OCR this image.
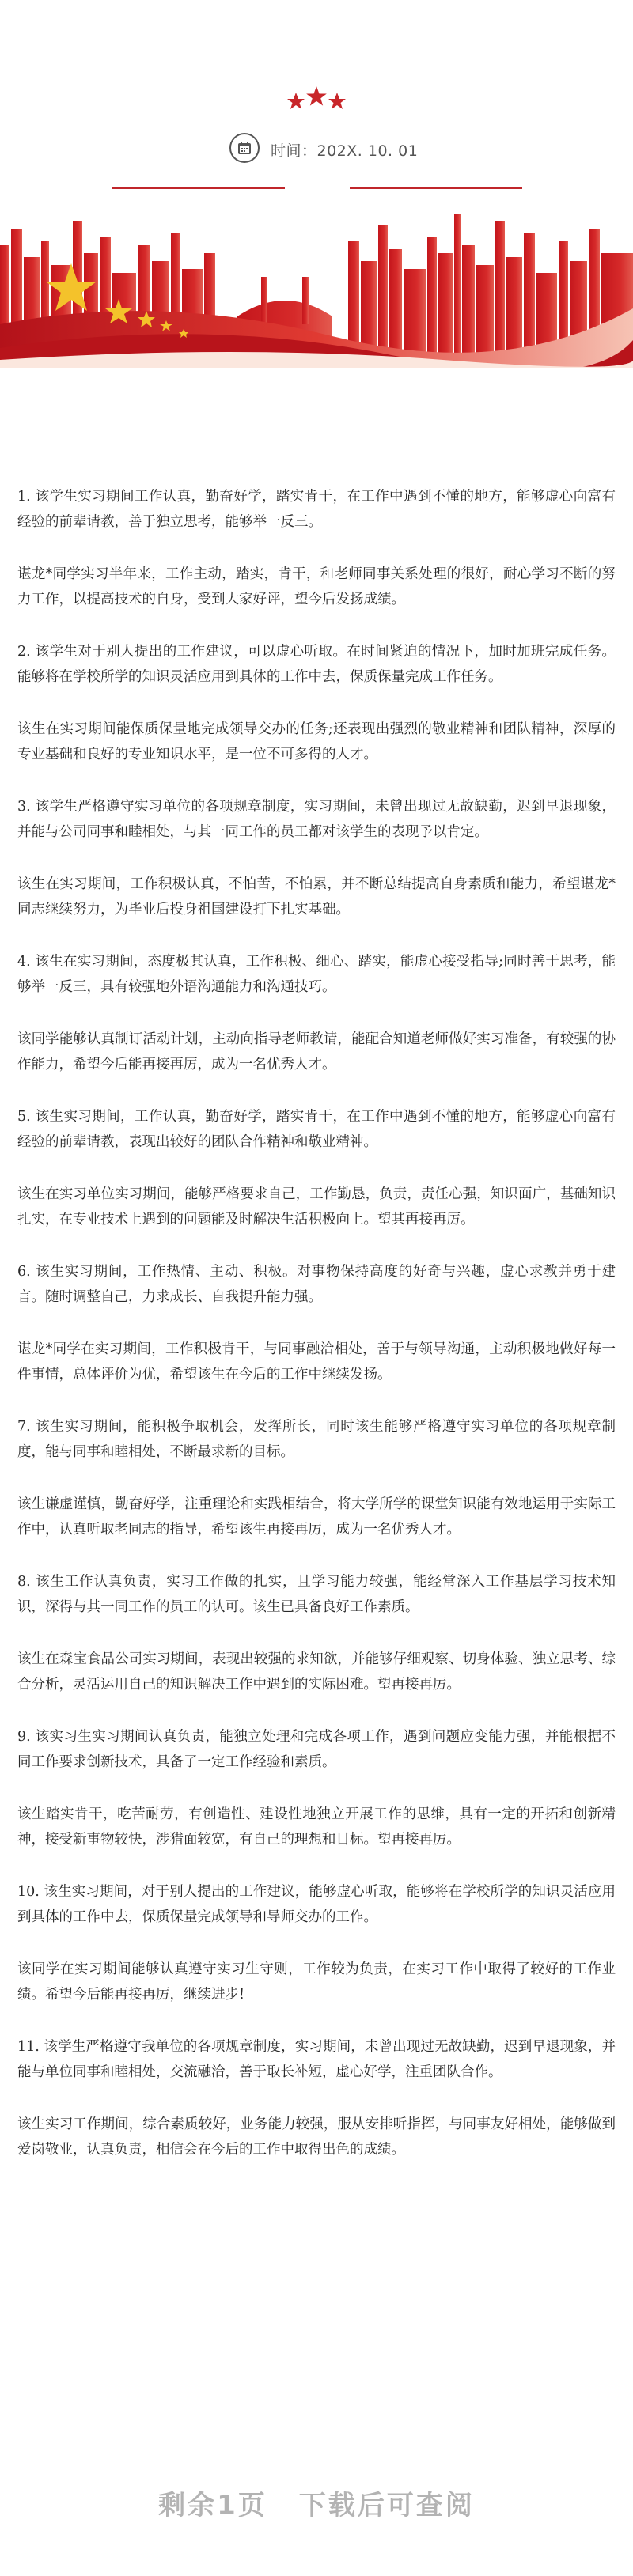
时间：202X. 10. 01

1. 该学生实习期间工作认真，勤奋好学，踏实肯干，在工作中遇到不懂的地方，能够虚心向富有经验的前辈请教，善于独立思考，能够举一反三。

谌龙*同学实习半年来，工作主动，踏实，肯干，和老师同事关系处理的很好，耐心学习不断的努力工作，以提高技术的自身，受到大家好评，望今后发扬成绩。

2. 该学生对于别人提出的工作建议，可以虚心听取。在时间紧迫的情况下，加时加班完成任务。能够将在学校所学的知识灵活应用到具体的工作中去，保质保量完成工作任务。

该生在实习期间能保质保量地完成领导交办的任务;还表现出强烈的敬业精神和团队精神，深厚的专业基础和良好的专业知识水平，是一位不可多得的人才。

3. 该学生严格遵守实习单位的各项规章制度，实习期间，未曾出现过无故缺勤，迟到早退现象，并能与公司同事和睦相处，与其一同工作的员工都对该学生的表现予以肯定。

该生在实习期间，工作积极认真，不怕苦，不怕累，并不断总结提高自身素质和能力，希望谌龙*同志继续努力，为毕业后投身祖国建设打下扎实基础。

4. 该生在实习期间，态度极其认真，工作积极、细心、踏实，能虚心接受指导;同时善于思考，能够举一反三，具有较强地外语沟通能力和沟通技巧。

该同学能够认真制订活动计划，主动向指导老师教请，能配合知道老师做好实习准备，有较强的协作能力，希望今后能再接再厉，成为一名优秀人才。

5. 该生实习期间，工作认真，勤奋好学，踏实肯干，在工作中遇到不懂的地方，能够虚心向富有经验的前辈请教，表现出较好的团队合作精神和敬业精神。

该生在实习单位实习期间，能够严格要求自己，工作勤恳，负责，责任心强，知识面广，基础知识扎实，在专业技术上遇到的问题能及时解决生活积极向上。望其再接再厉。

6. 该生实习期间，工作热情、主动、积极。对事物保持高度的好奇与兴趣，虚心求教并勇于建言。随时调整自己，力求成长、自我提升能力强。

谌龙*同学在实习期间，工作积极肯干，与同事融洽相处，善于与领导沟通，主动积极地做好每一件事情，总体评价为优，希望该生在今后的工作中继续发扬。

7. 该生实习期间，能积极争取机会，发挥所长，同时该生能够严格遵守实习单位的各项规章制度，能与同事和睦相处，不断最求新的目标。

该生谦虚谨慎，勤奋好学，注重理论和实践相结合，将大学所学的课堂知识能有效地运用于实际工作中，认真听取老同志的指导，希望该生再接再厉，成为一名优秀人才。

8. 该生工作认真负责，实习工作做的扎实，且学习能力较强，能经常深入工作基层学习技术知识，深得与其一同工作的员工的认可。该生已具备良好工作素质。

该生在森宝食品公司实习期间，表现出较强的求知欲，并能够仔细观察、切身体验、独立思考、综合分析，灵活运用自己的知识解决工作中遇到的实际困难。望再接再厉。

9. 该实习生实习期间认真负责，能独立处理和完成各项工作，遇到问题应变能力强，并能根据不同工作要求创新技术，具备了一定工作经验和素质。

该生踏实肯干，吃苦耐劳，有创造性、建设性地独立开展工作的思维，具有一定的开拓和创新精神，接受新事物较快，涉猎面较宽，有自己的理想和目标。望再接再厉。

10. 该生实习期间，对于别人提出的工作建议，能够虚心听取，能够将在学校所学的知识灵活应用到具体的工作中去，保质保量完成领导和导师交办的工作。

该同学在实习期间能够认真遵守实习生守则，工作较为负责，在实习工作中取得了较好的工作业绩。希望今后能再接再厉，继续进步!

11. 该学生严格遵守我单位的各项规章制度，实习期间，未曾出现过无故缺勤，迟到早退现象，并能与单位同事和睦相处，交流融洽，善于取长补短，虚心好学，注重团队合作。

该生实习工作期间，综合素质较好，业务能力较强，服从安排听指挥，与同事友好相处，能够做到爱岗敬业，认真负责，相信会在今后的工作中取得出色的成绩。

剩余1页 下载后可查阅
